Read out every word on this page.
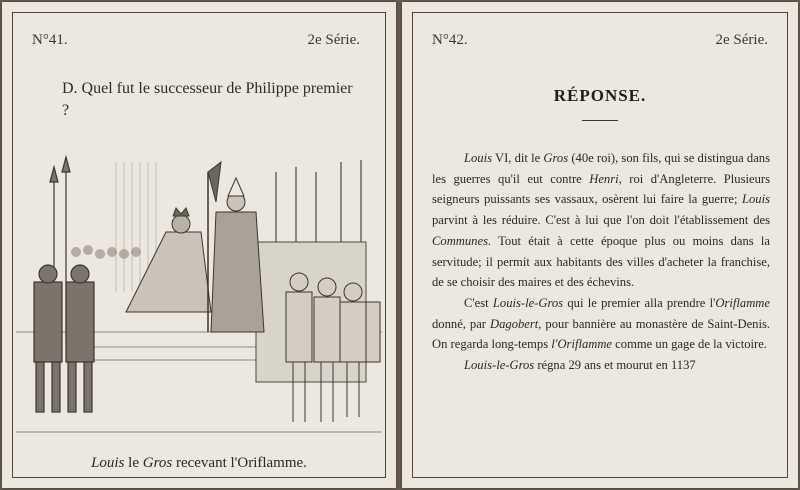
N°41.	2e Série.
D. Quel fut le successeur de Philippe premier ?
Louis le Gros recevant l'Oriflamme.
N°42.	2e Série.
RÉPONSE.

Louis VI, dit le Gros (40e roi), son fils, qui se distingua dans les guerres qu'il eut contre Henri, roi d'Angleterre. Plusieurs seigneurs puissants ses vassaux, osèrent lui faire la guerre; Louis parvint à les réduire. C'est à lui que l'on doit l'établissement des Communes. Tout était à cette époque plus ou moins dans la servitude; il permit aux habitants des villes d'acheter la franchise, de se choisir des maires et des échevins.

C'est Louis-le-Gros qui le premier alla prendre l'Oriflamme donné, par Dagobert, pour bannière au monastère de Saint-Denis. On regarda long-temps l'Oriflamme comme un gage de la victoire.

Louis-le-Gros régna 29 ans et mourut en 1137
